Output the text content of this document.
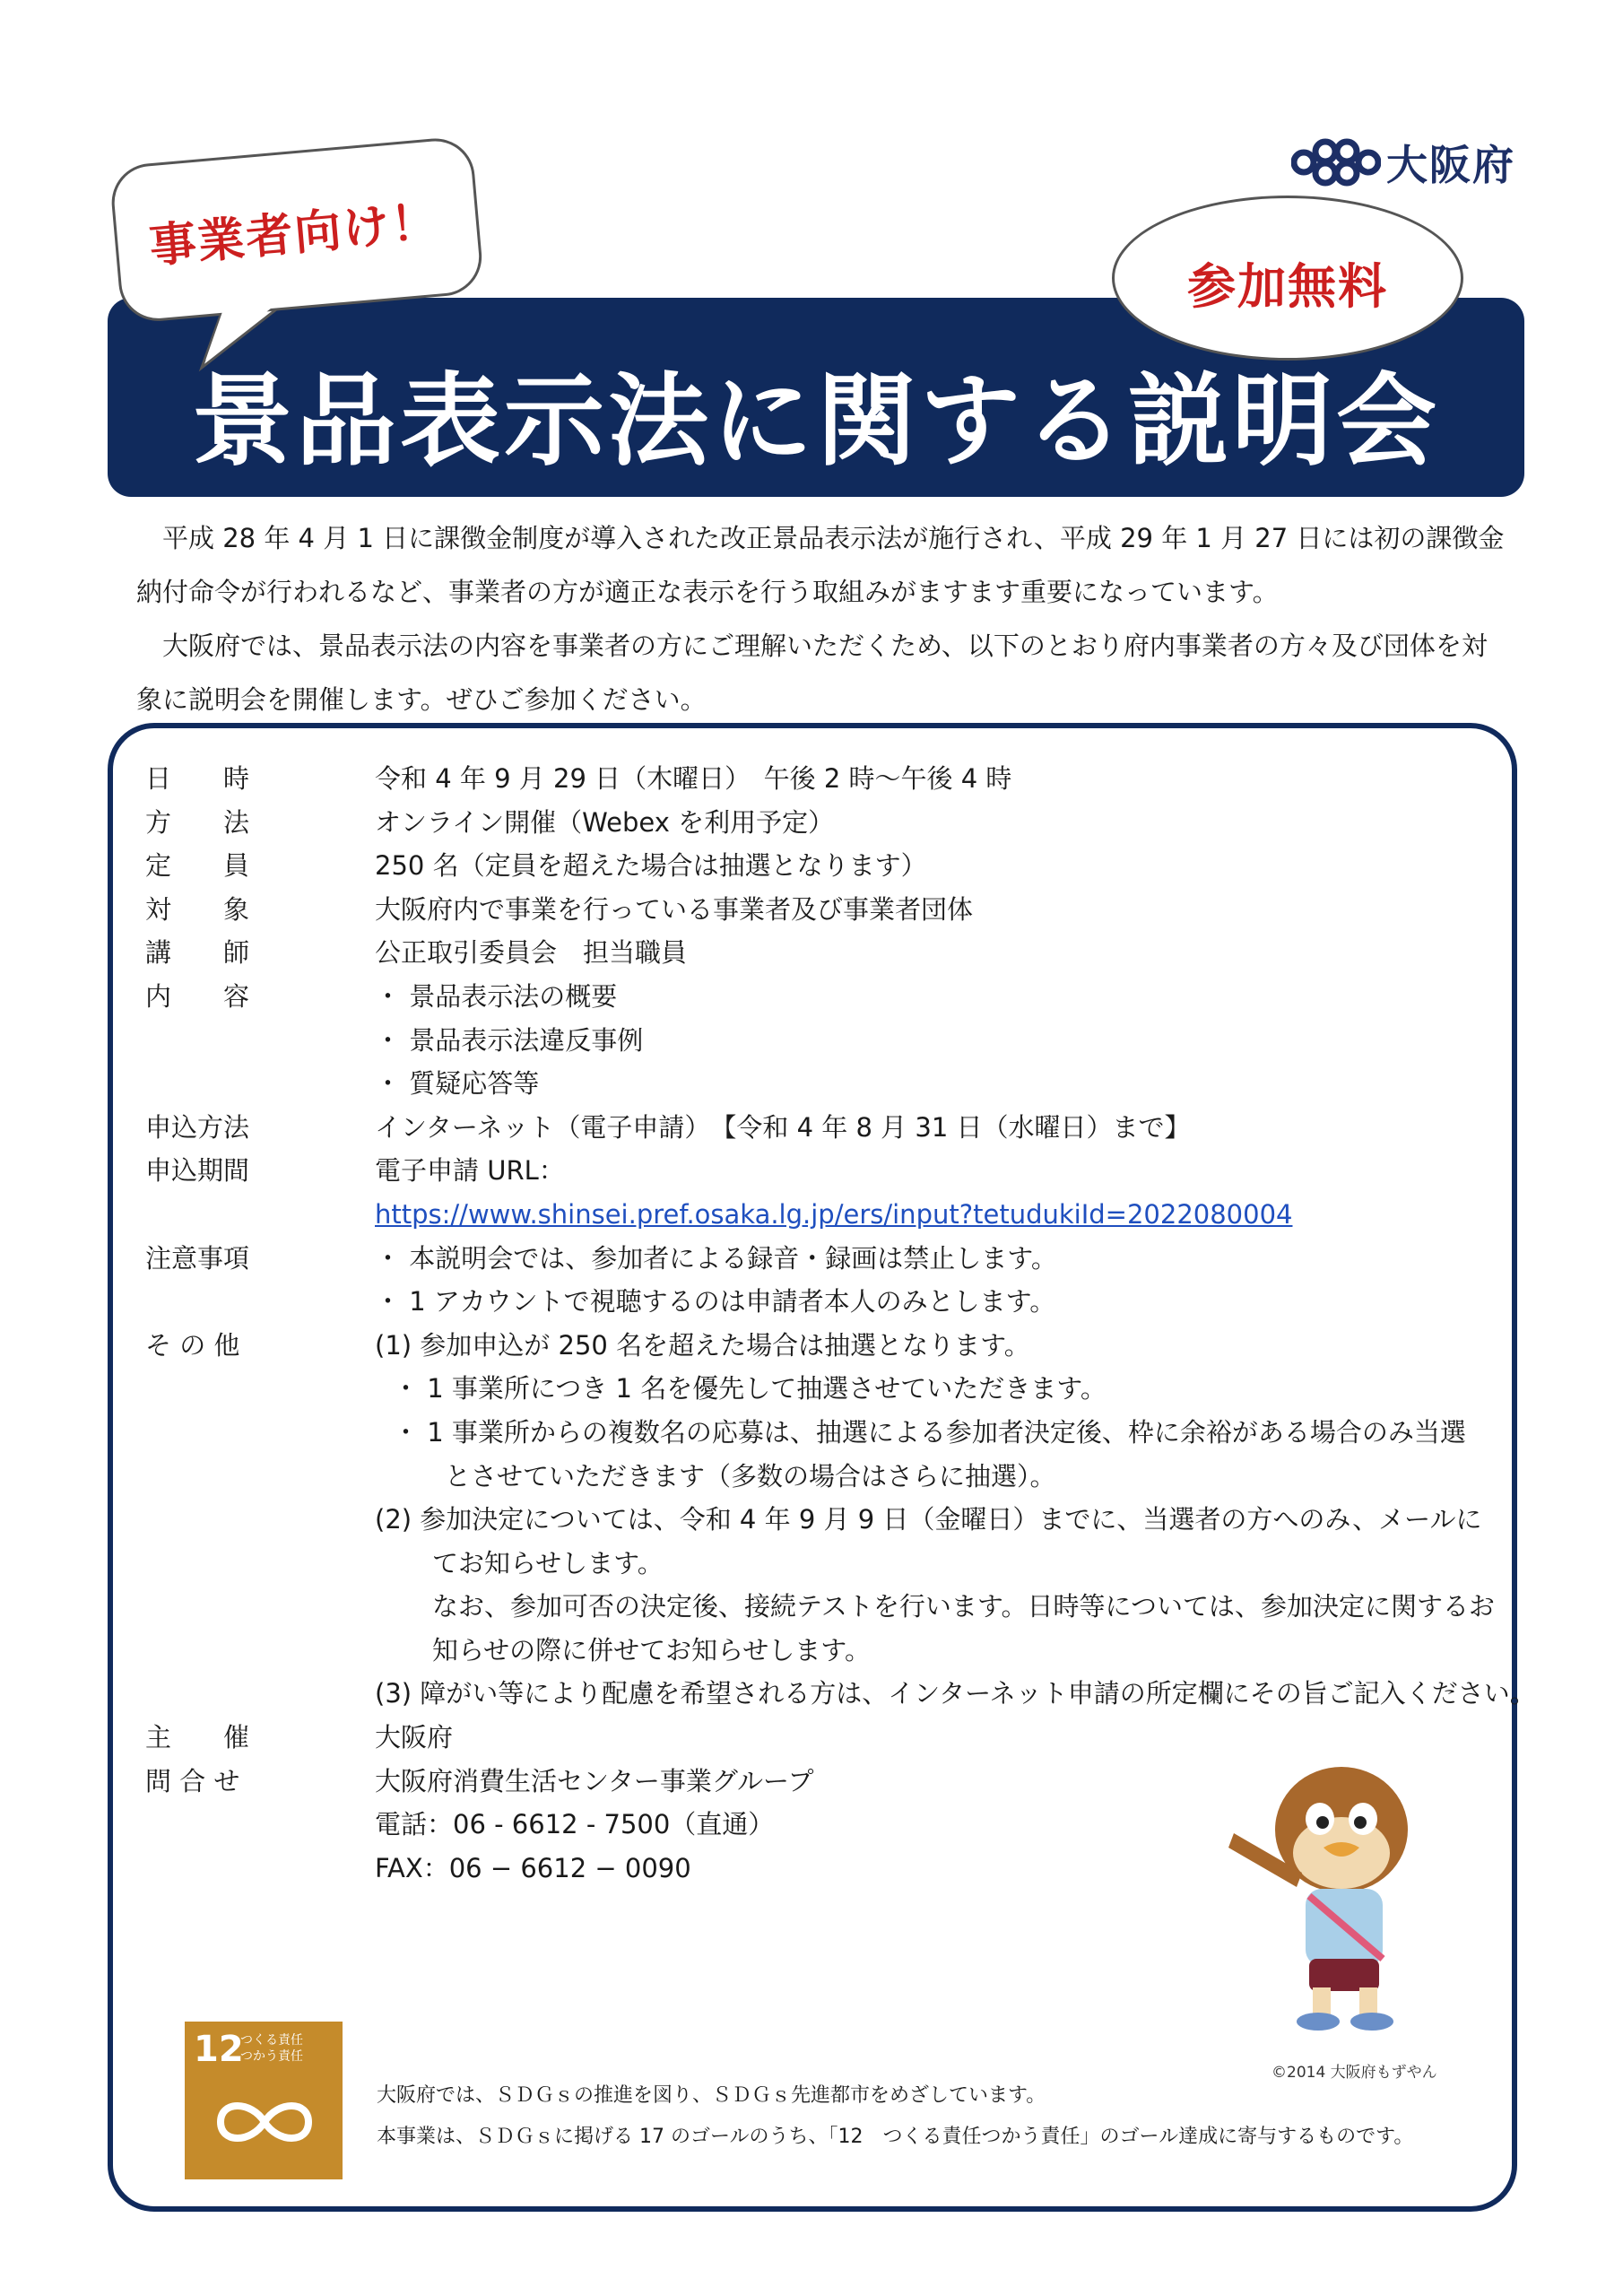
大阪府
景品表示法に関する説明会
事業者向け！
参加無料

平成 28 年 4 月 1 日に課徴金制度が導入された改正景品表示法が施行され、平成 29 年 1 月 27 日には初の課徴金納付命令が行われるなど、事業者の方が適正な表示を行う取組みがますます重要になっています。

大阪府では、景品表示法の内容を事業者の方にご理解いただくため、以下のとおり府内事業者の方々及び団体を対象に説明会を開催します。ぜひご参加ください。

日　　時	令和 4 年 9 月 29 日（木曜日）　午後 2 時～午後 4 時
方　　法	オンライン開催（Webex を利用予定）
定　　員	250 名（定員を超えた場合は抽選となります）
対　　象	大阪府内で事業を行っている事業者及び事業者団体
講　　師	公正取引委員会　担当職員
内　　容	・ 景品表示法の概要
・ 景品表示法違反事例
・ 質疑応答等
申込方法	インターネット（電子申請）　【令和 4 年 8 月 31 日（水曜日）まで】
申込期間	電子申請 URL：
https://www.shinsei.pref.osaka.lg.jp/ers/input?tetudukiId=2022080004
注意事項	・ 本説明会では、参加者による録音・録画は禁止します。
・ 1 アカウントで視聴するのは申請者本人のみとします。
そ の 他	(1) 参加申込が 250 名を超えた場合は抽選となります。
・ 1 事業所につき 1 名を優先して抽選させていただきます。
・ 1 事業所からの複数名の応募は、抽選による参加者決定後、枠に余裕がある場合のみ当選
とさせていただきます（多数の場合はさらに抽選）。
(2) 参加決定については、令和 4 年 9 月 9 日（金曜日）までに、当選者の方へのみ、メールに
てお知らせします。
なお、参加可否の決定後、接続テストを行います。日時等については、参加決定に関するお
知らせの際に併せてお知らせします。
(3) 障がい等により配慮を希望される方は、インターネット申請の所定欄にその旨ご記入ください。
主　　催	大阪府
問 合 せ	大阪府消費生活センター事業グループ
電話：06 - 6612 - 7500（直通）
FAX：06 − 6612 − 0090
©2014 大阪府もずやん
12
つくる責任
つかう責任
大阪府では、ＳＤＧｓの推進を図り、ＳＤＧｓ先進都市をめざしています。
本事業は、ＳＤＧｓに掲げる 17 のゴールのうち、「12　つくる責任つかう責任」のゴール達成に寄与するものです。
